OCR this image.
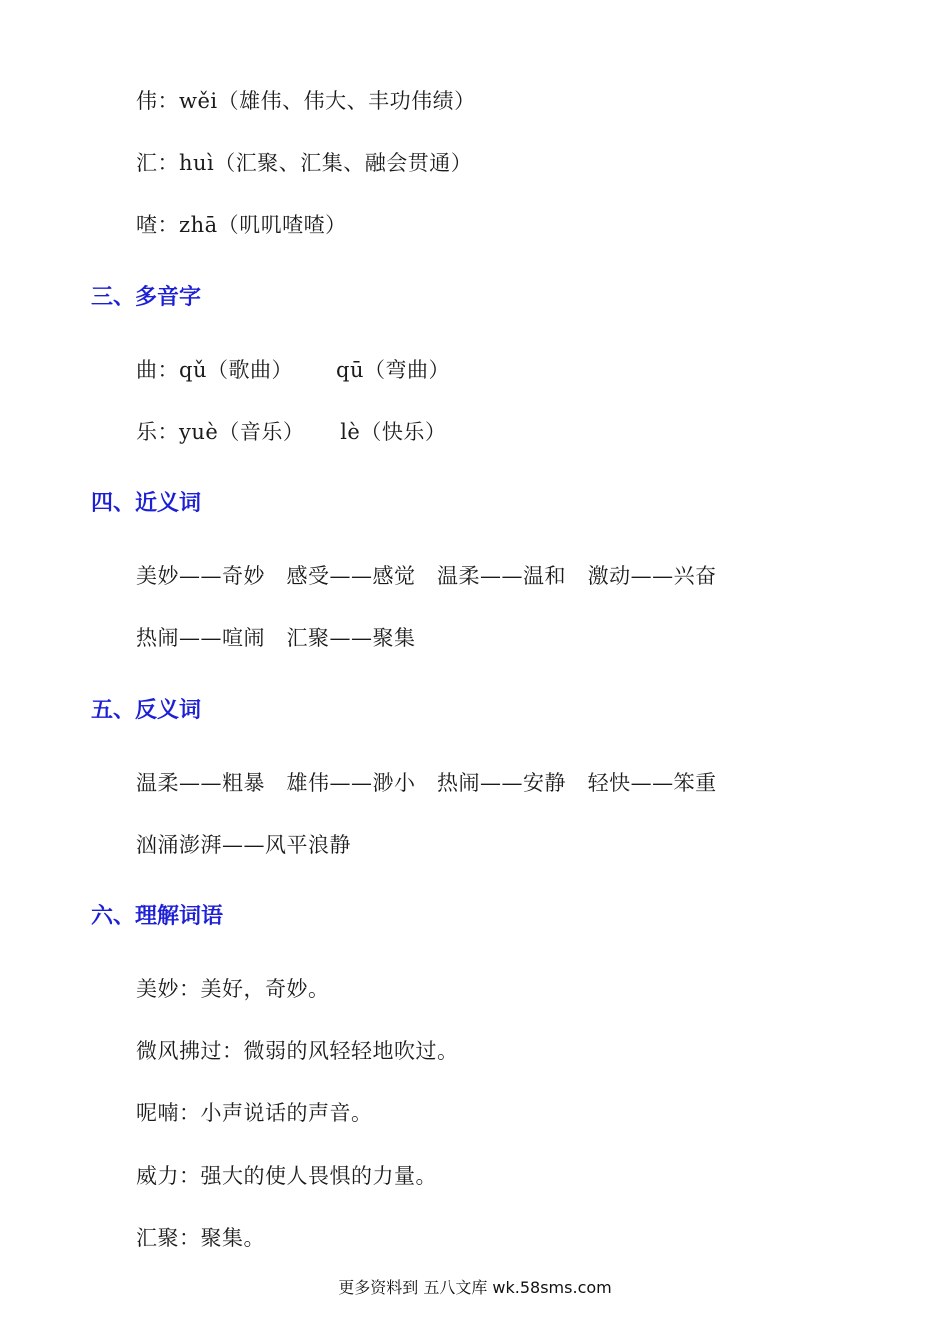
伟：wěi（雄伟、伟大、丰功伟绩）
汇：huì（汇聚、汇集、融会贯通）
喳：zhā（叽叽喳喳）
三、多音字
曲：qǔ（歌曲）      qū（弯曲）
乐：yuè（音乐）     lè（快乐）
四、近义词
美妙——奇妙   感受——感觉   温柔——温和   激动——兴奋
热闹——喧闹   汇聚——聚集
五、反义词
温柔——粗暴   雄伟——渺小   热闹——安静   轻快——笨重
汹涌澎湃——风平浪静
六、理解词语
美妙：美好，奇妙。
微风拂过：微弱的风轻轻地吹过。
呢喃：小声说话的声音。
威力：强大的使人畏惧的力量。
汇聚：聚集。
更多资料到 五八文库 wk.58sms.com
